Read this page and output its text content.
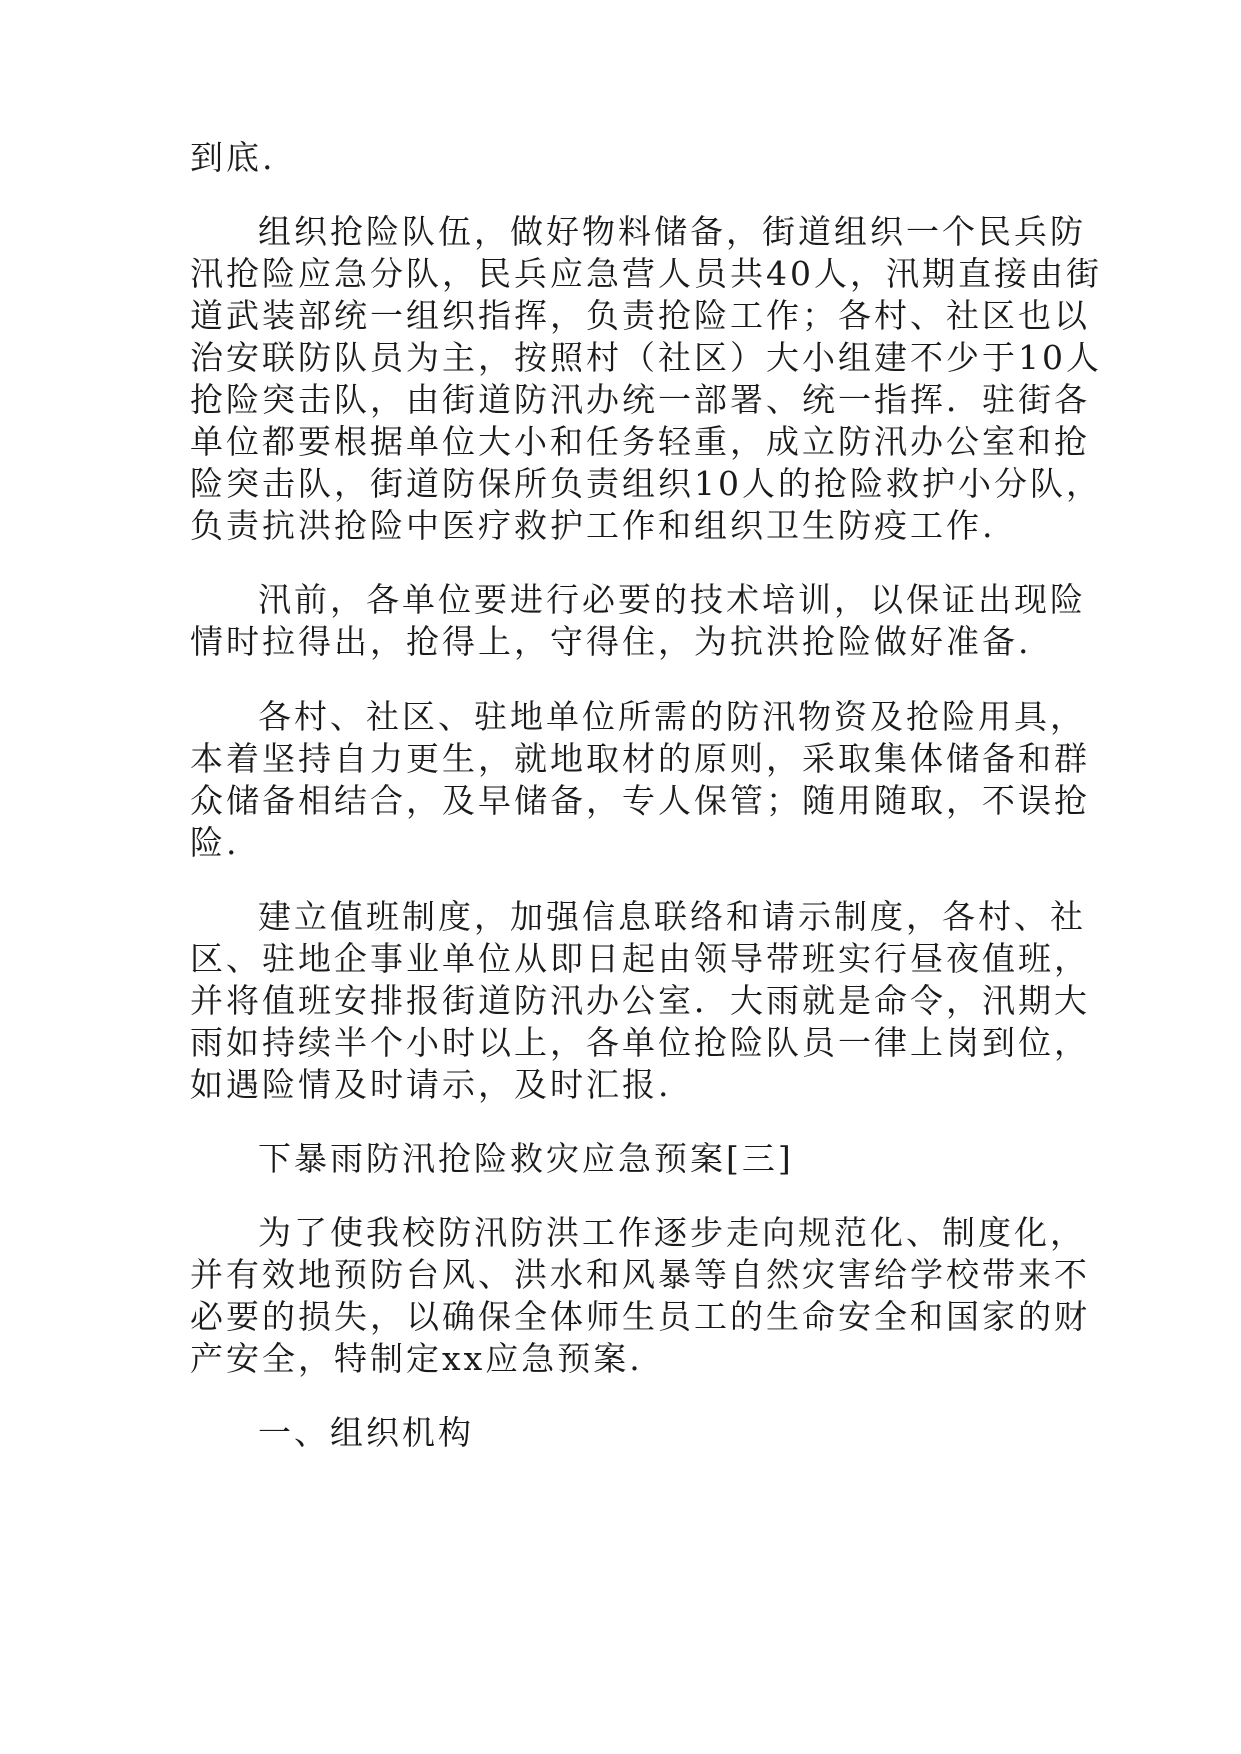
到底.
组织抢险队伍，做好物料储备，街道组织一个民兵防
汛抢险应急分队，民兵应急营人员共40人，汛期直接由街
道武装部统一组织指挥，负责抢险工作；各村、社区也以
治安联防队员为主，按照村（社区）大小组建不少于10人
抢险突击队，由街道防汛办统一部署、统一指挥．驻街各
单位都要根据单位大小和任务轻重，成立防汛办公室和抢
险突击队，街道防保所负责组织10人的抢险救护小分队，
负责抗洪抢险中医疗救护工作和组织卫生防疫工作.
汛前，各单位要进行必要的技术培训，以保证出现险
情时拉得出，抢得上，守得住，为抗洪抢险做好准备.
各村、社区、驻地单位所需的防汛物资及抢险用具，
本着坚持自力更生，就地取材的原则，采取集体储备和群
众储备相结合，及早储备，专人保管；随用随取，不误抢
险.
建立值班制度，加强信息联络和请示制度，各村、社
区、驻地企事业单位从即日起由领导带班实行昼夜值班，
并将值班安排报街道防汛办公室．大雨就是命令，汛期大
雨如持续半个小时以上，各单位抢险队员一律上岗到位，
如遇险情及时请示，及时汇报.
下暴雨防汛抢险救灾应急预案[三]
为了使我校防汛防洪工作逐步走向规范化、制度化，
并有效地预防台风、洪水和风暴等自然灾害给学校带来不
必要的损失，以确保全体师生员工的生命安全和国家的财
产安全，特制定xx应急预案.
一、组织机构
